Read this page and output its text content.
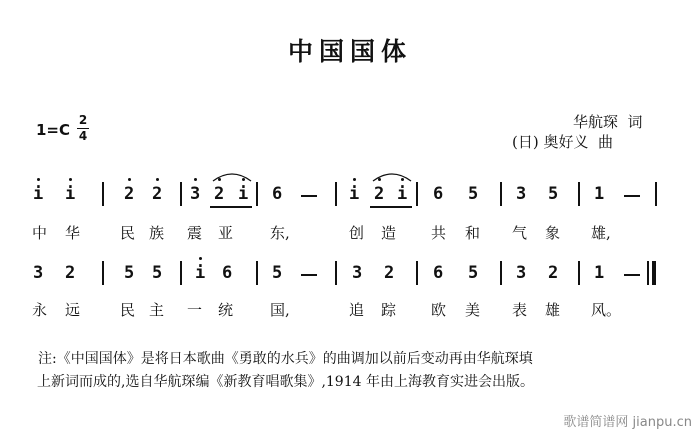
中国国体
1=C
2
4
华航琛  词
(日) 奥好义  曲
i i	2 2 3 2 i 6	i 2 i 6 5 3 5 1
中 华	民 族 震 亚 东,	创 造 共 和 气 象 雄,
3 2	5 5 i 6 5	3 2 6 5 3 2 1
永 远	民 主 一 统 国,	追 踪 欧 美 表 雄 风。
注:《中国国体》是将日本歌曲《勇敢的水兵》的曲调加以前后变动再由华航琛填
上新词而成的,选自华航琛编《新教育唱歌集》,1914 年由上海教育实进会出版。
歌谱简谱网 jianpu.cn
